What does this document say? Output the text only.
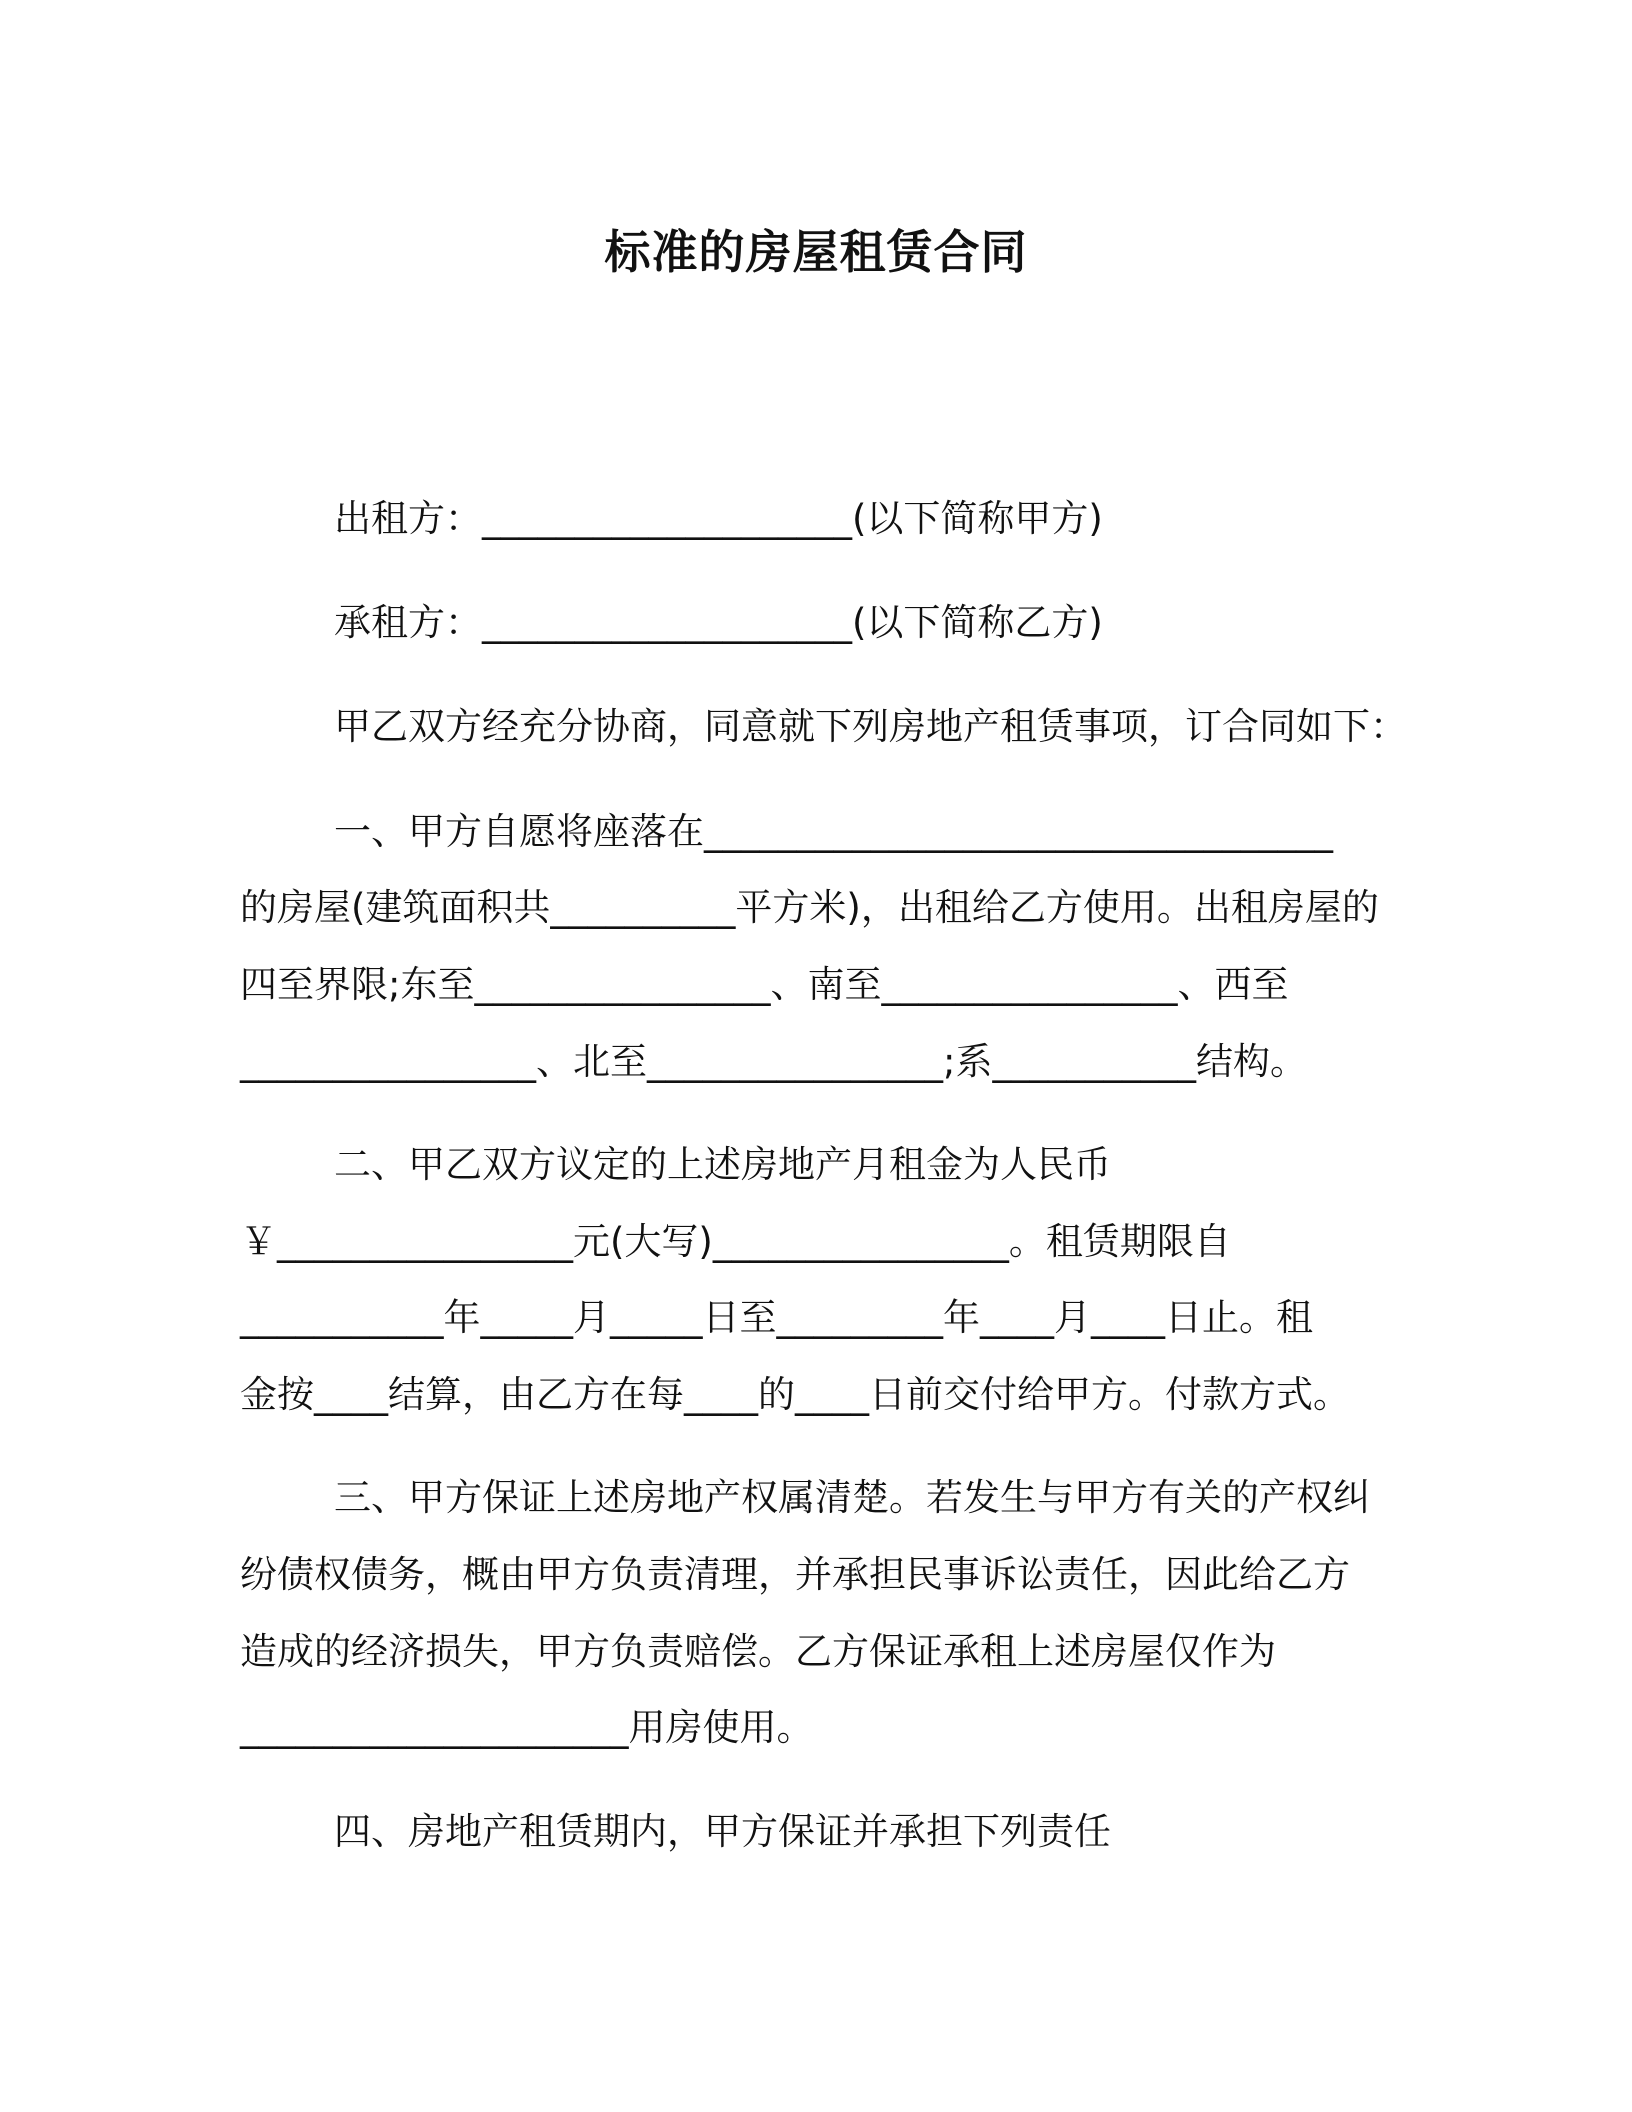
标准的房屋租赁合同
出租方：____________________(以下简称甲方)
承租方：____________________(以下简称乙方)
甲乙双方经充分协商，同意就下列房地产租赁事项，订合同如下：
一、甲方自愿将座落在__________________________________
的房屋(建筑面积共__________平方米)，出租给乙方使用。出租房屋的
四至界限;东至________________、南至________________、西至
________________、北至________________;系___________结构。
二、甲乙双方议定的上述房地产月租金为人民币
￥________________元(大写)________________。租赁期限自
___________年_____月_____日至_________年____月____日止。租
金按____结算，由乙方在每____的____日前交付给甲方。付款方式。
三、甲方保证上述房地产权属清楚。若发生与甲方有关的产权纠
纷债权债务，概由甲方负责清理，并承担民事诉讼责任，因此给乙方
造成的经济损失，甲方负责赔偿。乙方保证承租上述房屋仅作为
_____________________用房使用。
四、房地产租赁期内，甲方保证并承担下列责任
